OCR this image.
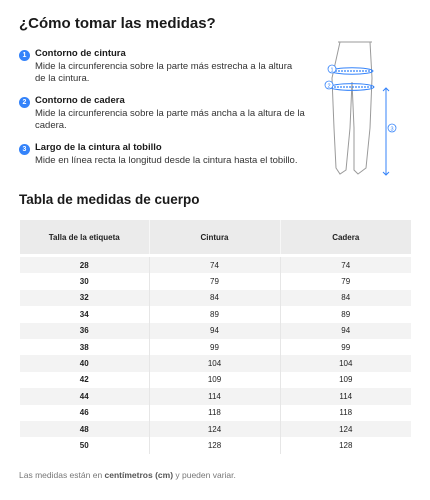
¿Cómo tomar las medidas?
1 Contorno de cintura
Mide la circunferencia sobre la parte más estrecha a la altura de la cintura.
2 Contorno de cadera
Mide la circunferencia sobre la parte más ancha a la altura de la cadera.
3 Largo de la cintura al tobillo
Mide en línea recta la longitud desde la cintura hasta el tobillo.
1
2
3
Tabla de medidas de cuerpo
Talla de la etiqueta	Cintura	Cadera

28	74	74
30	79	79
32	84	84
34	89	89
36	94	94
38	99	99
40	104	104
42	109	109
44	114	114
46	118	118
48	124	124
50	128	128
Las medidas están en centímetros (cm) y pueden variar.
